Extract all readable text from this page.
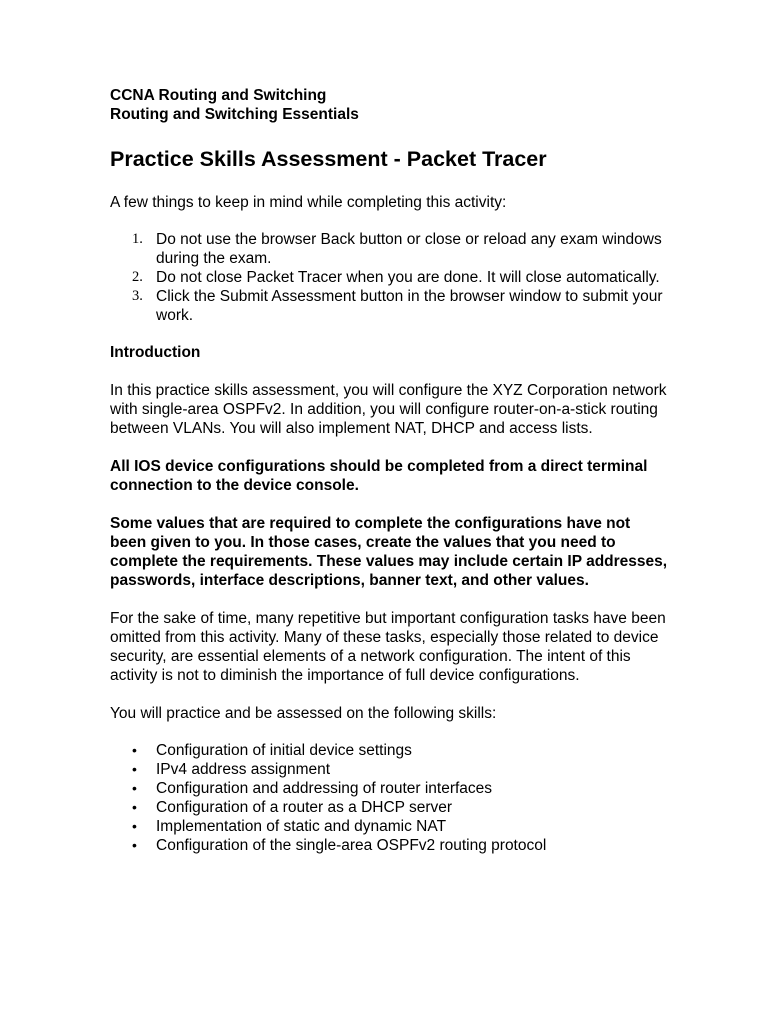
CCNA Routing and Switching
Routing and Switching Essentials
Practice Skills Assessment - Packet Tracer

A few things to keep in mind while completing this activity:

1. Do not use the browser Back button or close or reload any exam windows during the exam.
2. Do not close Packet Tracer when you are done. It will close automatically.
3. Click the Submit Assessment button in the browser window to submit your work.

Introduction

In this practice skills assessment, you will configure the XYZ Corporation network with single-area OSPFv2. In addition, you will configure router-on-a-stick routing between VLANs. You will also implement NAT, DHCP and access lists.

All IOS device configurations should be completed from a direct terminal connection to the device console.

Some values that are required to complete the configurations have not been given to you. In those cases, create the values that you need to complete the requirements. These values may include certain IP addresses, passwords, interface descriptions, banner text, and other values.

For the sake of time, many repetitive but important configuration tasks have been omitted from this activity. Many of these tasks, especially those related to device security, are essential elements of a network configuration. The intent of this activity is not to diminish the importance of full device configurations.

You will practice and be assessed on the following skills:

• Configuration of initial device settings
• IPv4 address assignment
• Configuration and addressing of router interfaces
• Configuration of a router as a DHCP server
• Implementation of static and dynamic NAT
• Configuration of the single-area OSPFv2 routing protocol
